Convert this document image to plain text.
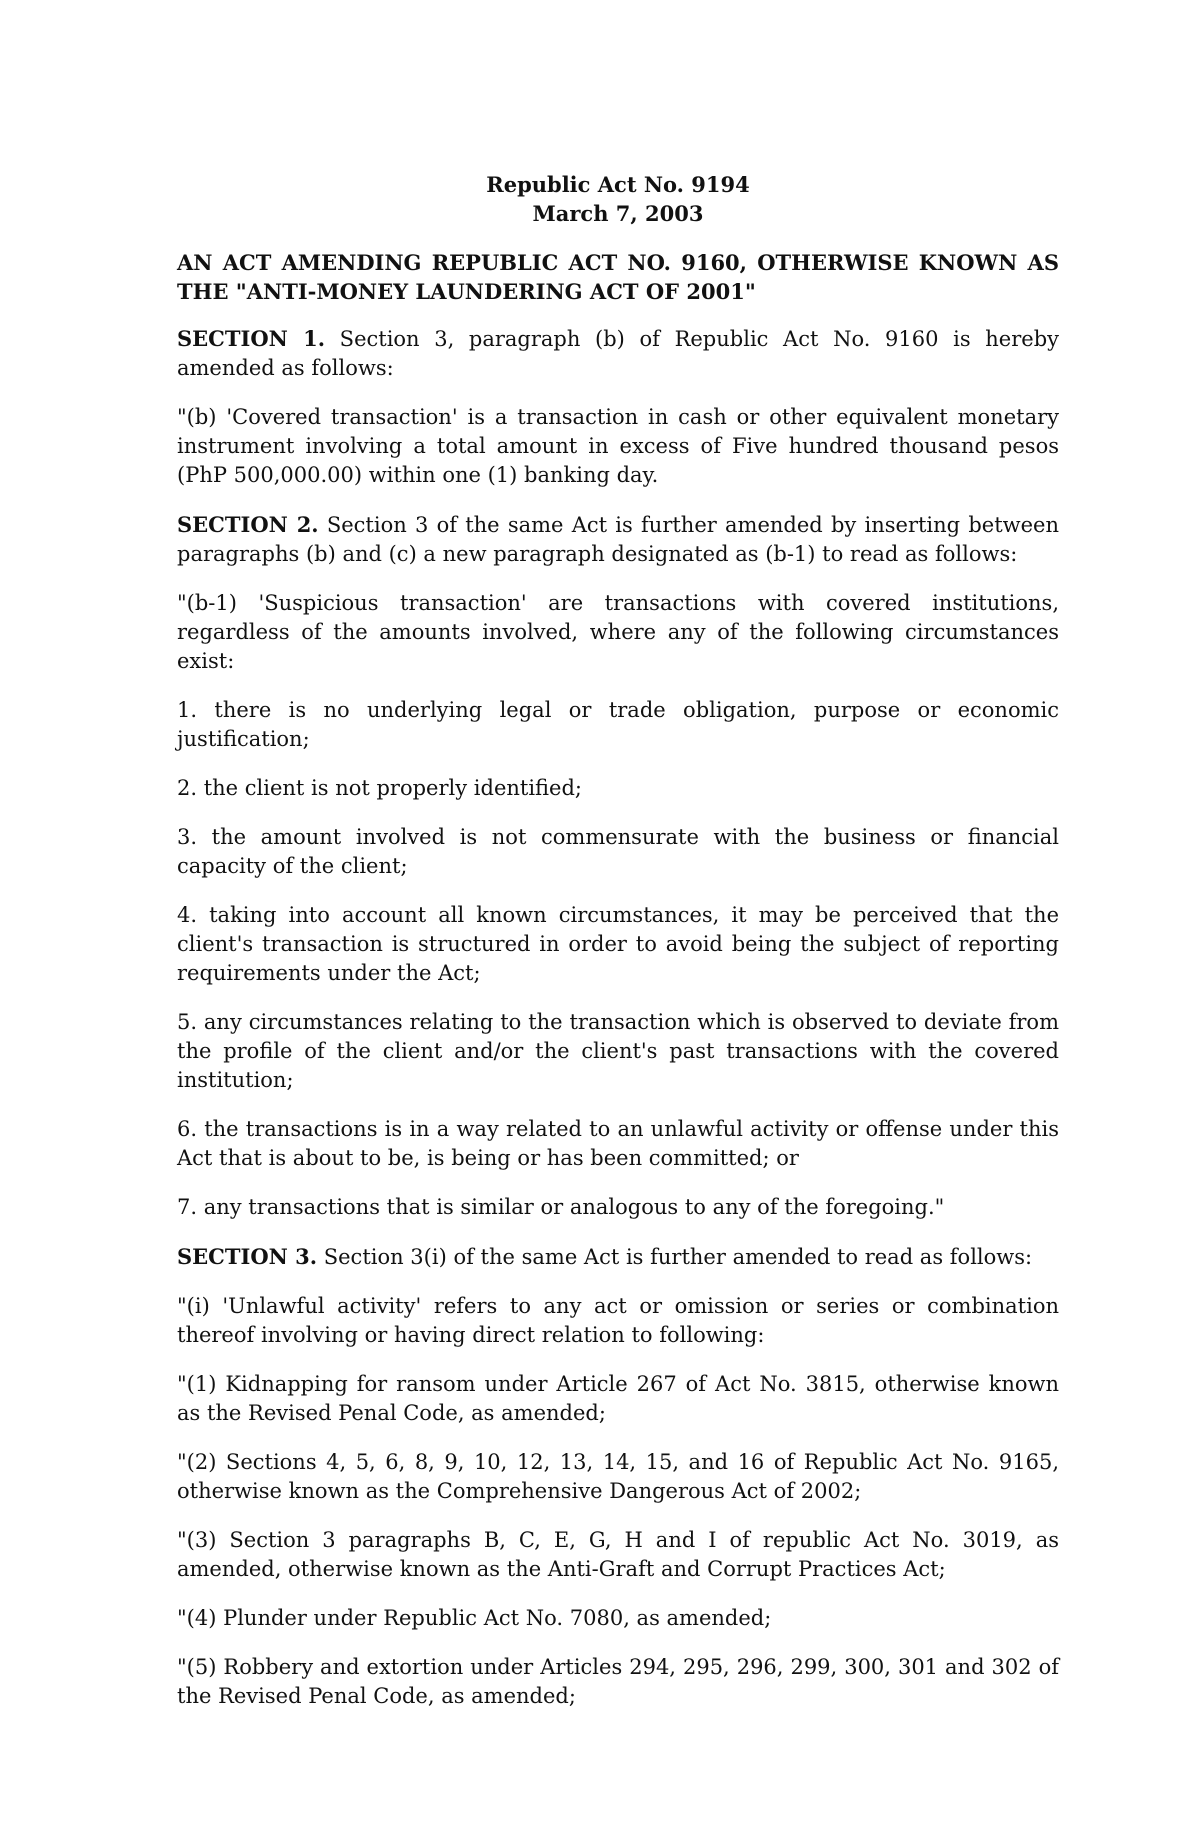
Republic Act No. 9194
March 7, 2003

AN ACT AMENDING REPUBLIC ACT NO. 9160, OTHERWISE KNOWN AS THE "ANTI-MONEY LAUNDERING ACT OF 2001"

SECTION 1. Section 3, paragraph (b) of Republic Act No. 9160 is hereby amended as follows:

"(b) 'Covered transaction' is a transaction in cash or other equivalent monetary instrument involving a total amount in excess of Five hundred thousand pesos (PhP 500,000.00) within one (1) banking day.

SECTION 2. Section 3 of the same Act is further amended by inserting between paragraphs (b) and (c) a new paragraph designated as (b-1) to read as follows:

"(b-1) 'Suspicious transaction' are transactions with covered institutions, regardless of the amounts involved, where any of the following circumstances exist:

1. there is no underlying legal or trade obligation, purpose or economic justification;

2. the client is not properly identified;

3. the amount involved is not commensurate with the business or financial capacity of the client;

4. taking into account all known circumstances, it may be perceived that the client's transaction is structured in order to avoid being the subject of reporting requirements under the Act;

5. any circumstances relating to the transaction which is observed to deviate from the profile of the client and/or the client's past transactions with the covered institution;

6. the transactions is in a way related to an unlawful activity or offense under this Act that is about to be, is being or has been committed; or

7. any transactions that is similar or analogous to any of the foregoing."

SECTION 3. Section 3(i) of the same Act is further amended to read as follows:

"(i) 'Unlawful activity' refers to any act or omission or series or combination thereof involving or having direct relation to following:

"(1) Kidnapping for ransom under Article 267 of Act No. 3815, otherwise known as the Revised Penal Code, as amended;

"(2) Sections 4, 5, 6, 8, 9, 10, 12, 13, 14, 15, and 16 of Republic Act No. 9165, otherwise known as the Comprehensive Dangerous Act of 2002;

"(3) Section 3 paragraphs B, C, E, G, H and I of republic Act No. 3019, as amended, otherwise known as the Anti-Graft and Corrupt Practices Act;

"(4) Plunder under Republic Act No. 7080, as amended;

"(5) Robbery and extortion under Articles 294, 295, 296, 299, 300, 301 and 302 of the Revised Penal Code, as amended;
